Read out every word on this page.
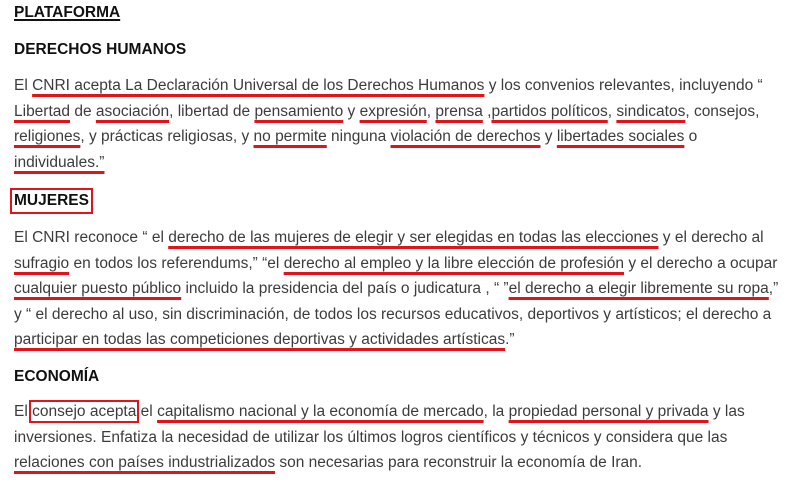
PLATAFORMA
DERECHOS HUMANOS

El CNRI acepta La Declaración Universal de los Derechos Humanos y los convenios relevantes, incluyendo “ Libertad de asociación, libertad de pensamiento y expresión, prensa ,partidos políticos, sindicatos, consejos, religiones, y prácticas religiosas, y no permite ninguna violación de derechos y libertades sociales o individuales.”

MUJERES

El CNRI reconoce “ el derecho de las mujeres de elegir y ser elegidas en todas las elecciones y el derecho al sufragio en todos los referendums,” “el derecho al empleo y la libre elección de profesión y el derecho a ocupar cualquier puesto público incluido la presidencia del país o judicatura , “ ”el derecho a elegir libremente su ropa,” y “ el derecho al uso, sin discriminación, de todos los recursos educativos, deportivos y artísticos; el derecho a participar en todas las competiciones deportivas y actividades artísticas.”

ECONOMÍA

El consejo acepta el capitalismo nacional y la economía de mercado, la propiedad personal y privada y las inversiones. Enfatiza la necesidad de utilizar los últimos logros científicos y técnicos y considera que las relaciones con países industrializados son necesarias para reconstruir la economía de Iran.
